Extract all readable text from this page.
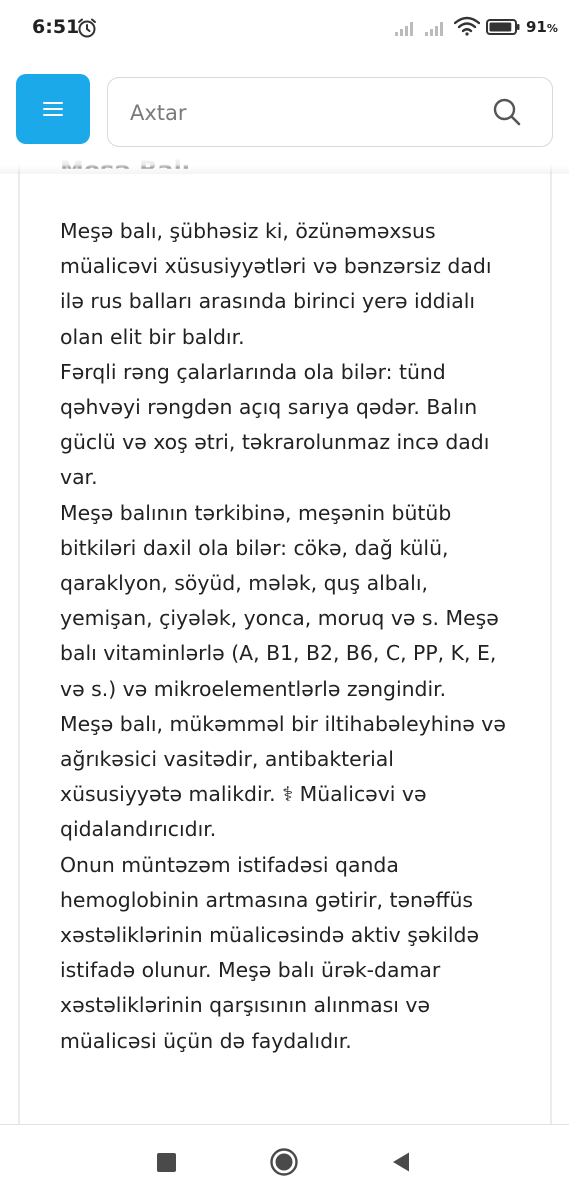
6:51	91%
Axtar

Meşə balı, şübhəsiz ki, özünəməxsus müalicəvi xüsusiyyətləri və bənzərsiz dadı ilə rus balları arasında birinci yerə iddialı olan elit bir baldır.

Fərqli rəng çalarlarında ola bilər: tünd qəhvəyi rəngdən açıq sarıya qədər. Balın güclü və xoş ətri, təkrarolunmaz incə dadı var.

Meşə balının tərkibinə, meşənin bütüb bitkiləri daxil ola bilər: cökə, dağ külü, qaraklyon, söyüd, mələk, quş albalı, yemişan, çiyələk, yonca, moruq və s. Meşə balı vitaminlərlə (A, B1, B2, B6, C, PP, K, E, və s.) və mikroelementlərlə zəngindir.

Meşə balı, mükəmməl bir iltihabəleyhinə və ağrıkəsici vasitədir, antibakterial xüsusiyyətə malikdir. ⚕ Müalicəvi və qidalandırıcıdır.

Onun müntəzəm istifadəsi qanda hemoglobinin artmasına gətirir, tənəffüs xəstəliklərinin müalicəsində aktiv şəkildə istifadə olunur. Meşə balı ürək-damar xəstəliklərinin qarşısının alınması və müalicəsi üçün də faydalıdır.
